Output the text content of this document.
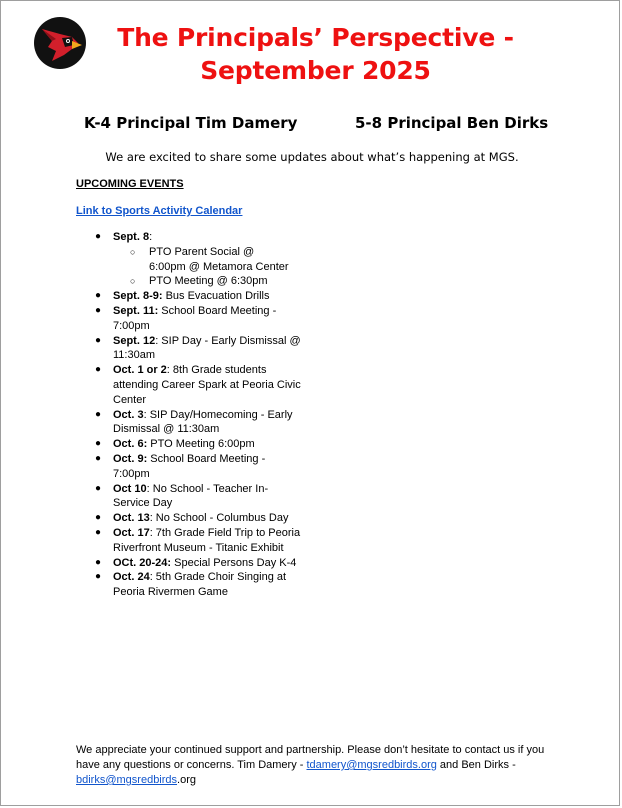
The Principals’ Perspective -
September 2025
K-4 Principal Tim Damery	5-8 Principal Ben Dirks
We are excited to share some updates about what’s happening at MGS.
UPCOMING EVENTS
Link to Sports Activity Calendar
● Sept. 8:
○ PTO Parent Social @
6:00pm @ Metamora Center
○ PTO Meeting @ 6:30pm
● Sept. 8-9: Bus Evacuation Drills
● Sept. 11: School Board Meeting - 7:00pm
● Sept. 12: SIP Day - Early Dismissal @ 11:30am
● Oct. 1 or 2: 8th Grade students attending Career Spark at Peoria Civic Center
● Oct. 3: SIP Day/Homecoming - Early Dismissal @ 11:30am
● Oct. 6: PTO Meeting 6:00pm
● Oct. 9: School Board Meeting - 7:00pm
● Oct 10: No School - Teacher In-Service Day
● Oct. 13: No School - Columbus Day
● Oct. 17: 7th Grade Field Trip to Peoria Riverfront Museum - Titanic Exhibit
● OCt. 20-24: Special Persons Day K-4
● Oct. 24: 5th Grade Choir Singing at Peoria Rivermen Game
We appreciate your continued support and partnership. Please don’t hesitate to contact us if you have any questions or concerns. Tim Damery - tdamery@mgsredbirds.org and Ben Dirks - bdirks@mgsredbirds.org
